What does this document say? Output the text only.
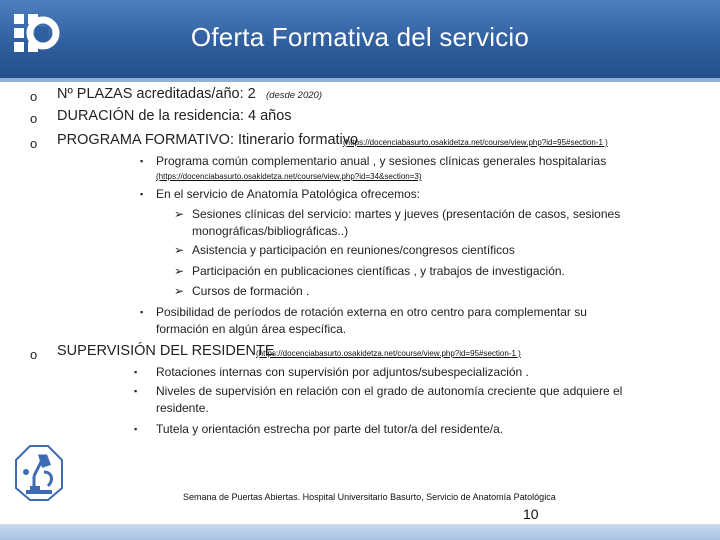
Oferta Formativa del servicio
o Nº PLAZAS acreditadas/año: 2 (desde 2020)
o DURACIÓN de la residencia: 4 años
o PROGRAMA FORMATIVO: Itinerario formativo
(https://docenciabasurto.osakidetza.net/course/view.php?id=95#section-1 )
▪ Programa común complementario anual , y sesiones clínicas generales hospitalarias
(https://docenciabasurto.osakidetza.net/course/view.php?id=34&section=3)
▪ En el servicio de Anatomía Patológica ofrecemos:
➢ Sesiones clínicas del servicio: martes y jueves (presentación de casos, sesiones
monográficas/bibliográficas..)
➢ Asistencia y participación en reuniones/congresos científicos
➢ Participación en publicaciones científicas , y trabajos de investigación.
➢ Cursos de formación .
▪ Posibilidad de períodos de rotación externa en otro centro para complementar su
formación en algún área específica.
o SUPERVISIÓN DEL RESIDENTE
(https://docenciabasurto.osakidetza.net/course/view.php?id=95#section-1 )
▪ Rotaciones internas con supervisión por adjuntos/subespecialización .
▪ Niveles de supervisión en relación con el grado de autonomía creciente que adquiere el
residente.
▪ Tutela y orientación estrecha por parte del tutor/a del residente/a.
Semana de Puertas Abiertas. Hospital Universitario Basurto, Servicio de Anatomía Patológica
10
